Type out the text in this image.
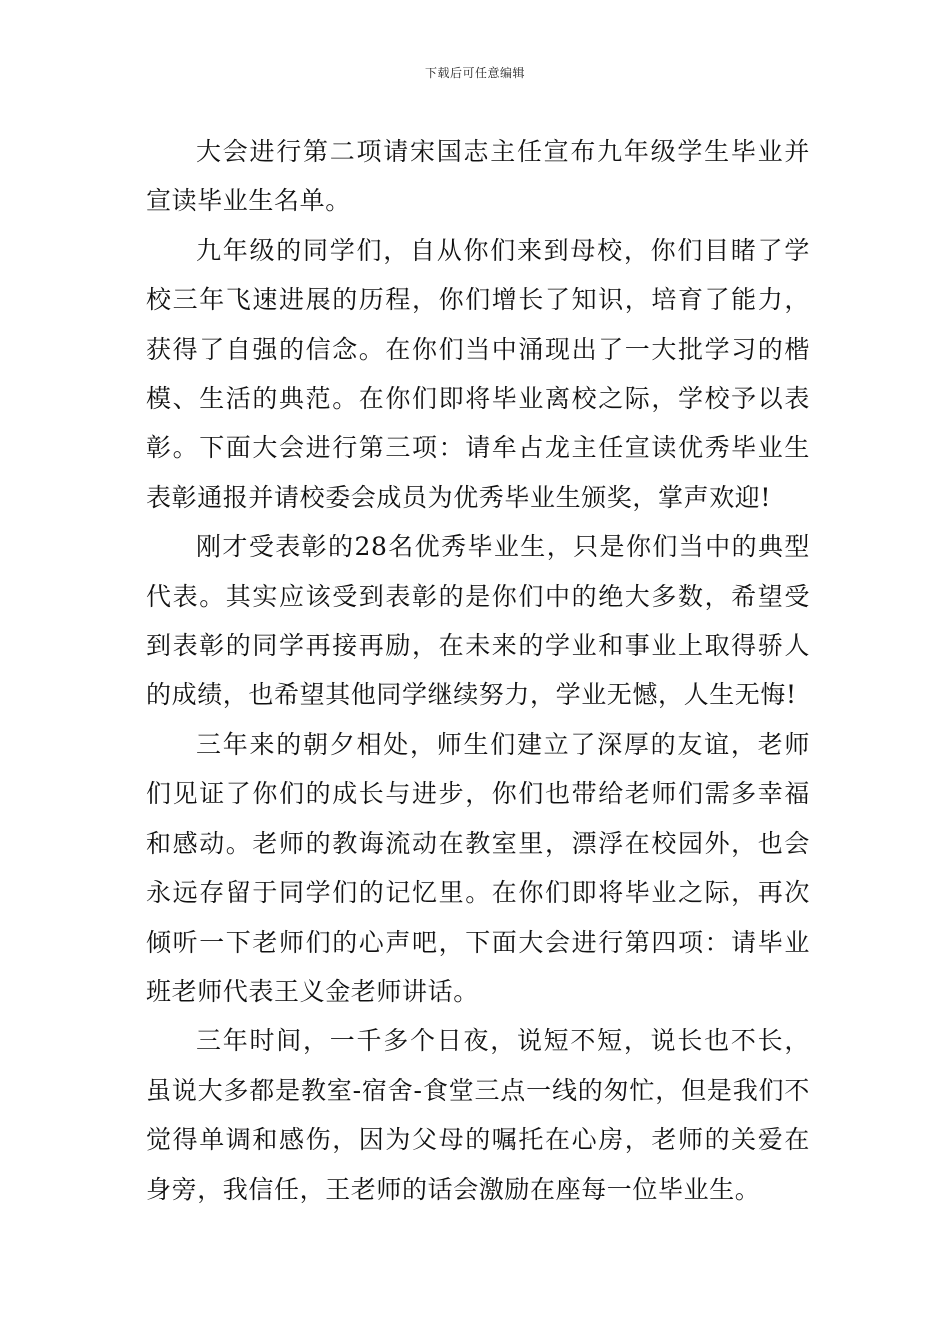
下载后可任意编辑

大会进行第二项请宋国志主任宣布九年级学生毕业并宣读毕业生名单。

九年级的同学们，自从你们来到母校，你们目睹了学校三年飞速进展的历程，你们增长了知识，培育了能力，获得了自强的信念。在你们当中涌现出了一大批学习的楷模、生活的典范。在你们即将毕业离校之际，学校予以表彰。下面大会进行第三项：请牟占龙主任宣读优秀毕业生表彰通报并请校委会成员为优秀毕业生颁奖，掌声欢迎!

刚才受表彰的28名优秀毕业生，只是你们当中的典型代表。其实应该受到表彰的是你们中的绝大多数，希望受到表彰的同学再接再励，在未来的学业和事业上取得骄人的成绩，也希望其他同学继续努力，学业无憾，人生无悔!

三年来的朝夕相处，师生们建立了深厚的友谊，老师们见证了你们的成长与进步，你们也带给老师们需多幸福和感动。老师的教诲流动在教室里，漂浮在校园外，也会永远存留于同学们的记忆里。在你们即将毕业之际，再次倾听一下老师们的心声吧，下面大会进行第四项：请毕业班老师代表王义金老师讲话。

三年时间，一千多个日夜，说短不短，说长也不长，虽说大多都是教室-宿舍-食堂三点一线的匆忙，但是我们不觉得单调和感伤，因为父母的嘱托在心房，老师的关爱在身旁，我信任，王老师的话会激励在座每一位毕业生。
